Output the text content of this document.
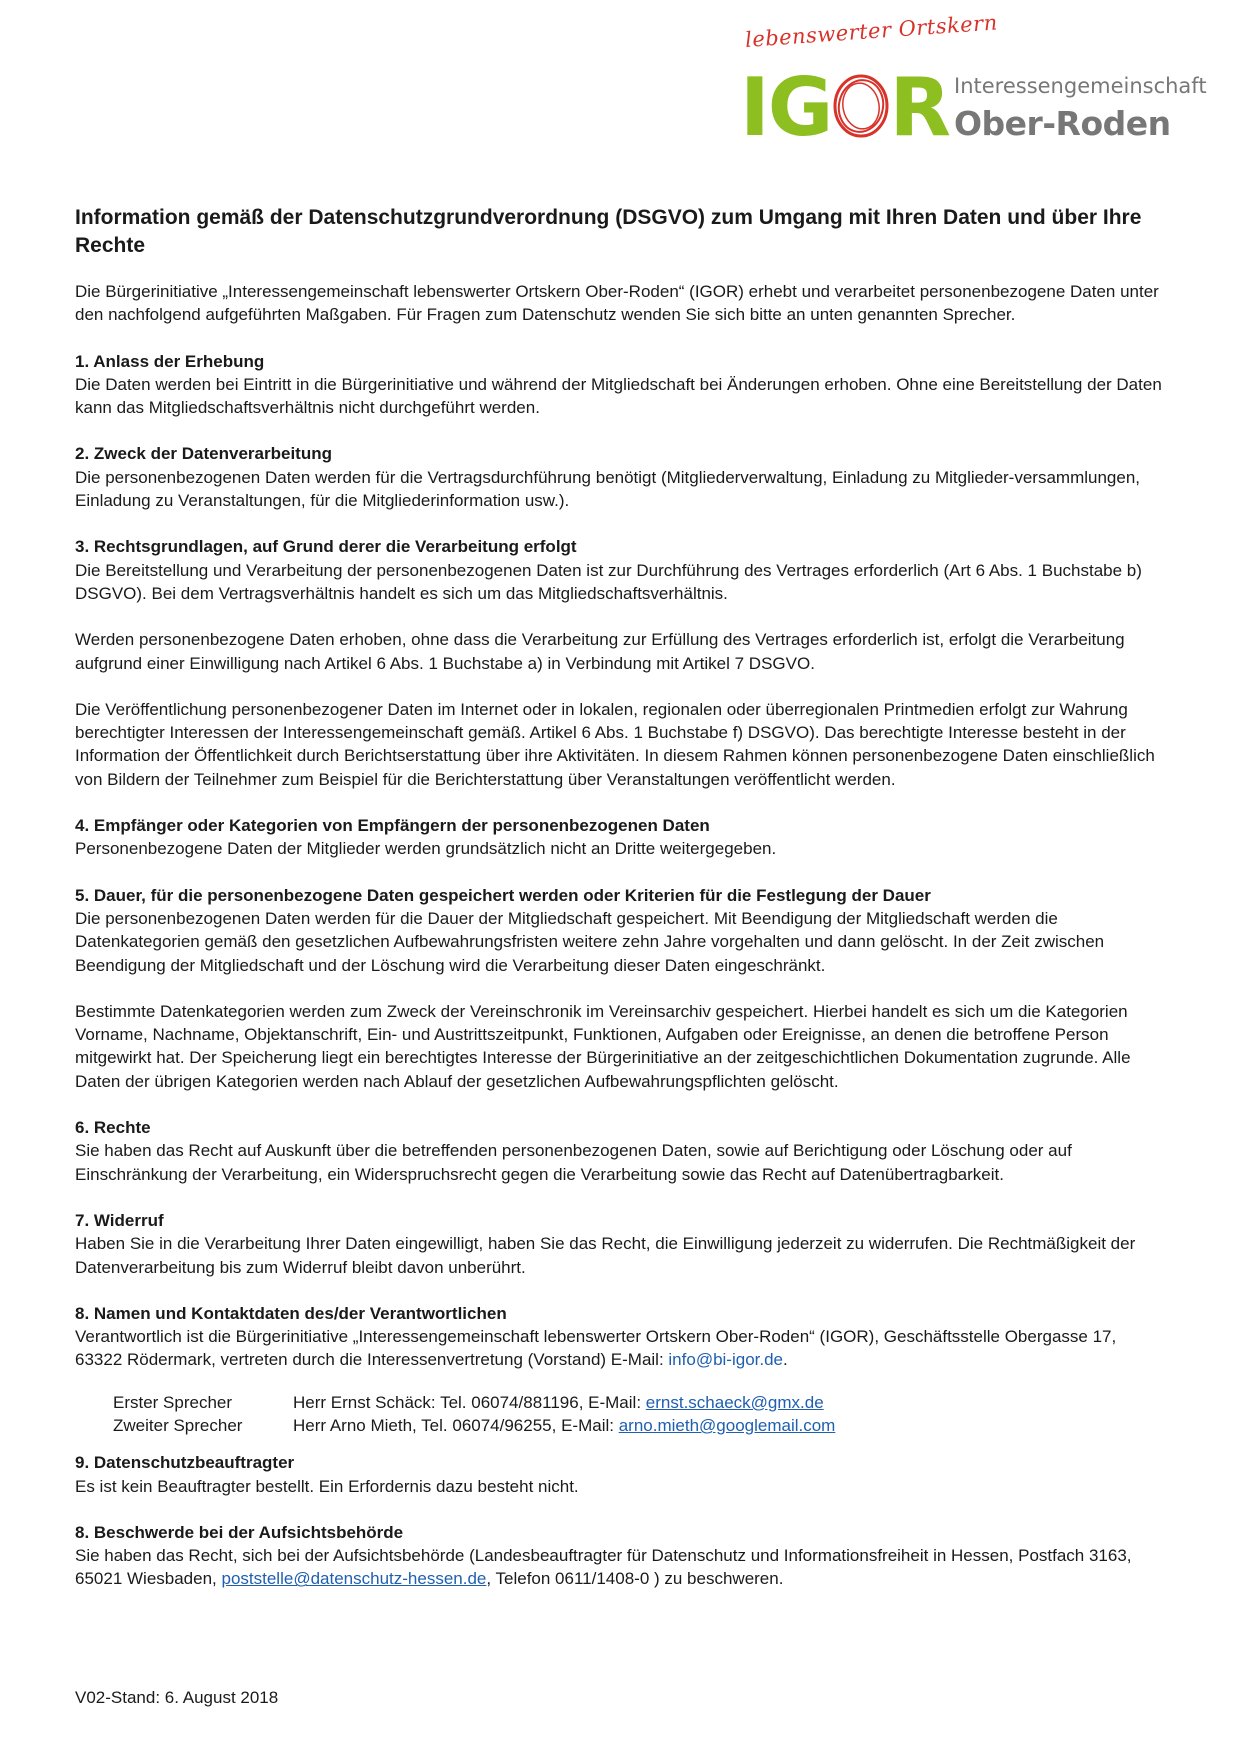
lebenswerter Ortskern
IG R Interessengemeinschaft
Ober-Roden
Information gemäß der Datenschutzgrundverordnung (DSGVO) zum Umgang mit Ihren Daten und über Ihre Rechte

Die Bürgerinitiative „Interessengemeinschaft lebenswerter Ortskern Ober-Roden“ (IGOR) erhebt und verarbeitet personenbezogene Daten unter den nachfolgend aufgeführten Maßgaben. Für Fragen zum Datenschutz wenden Sie sich bitte an unten genannten Sprecher.

1. Anlass der Erhebung
Die Daten werden bei Eintritt in die Bürgerinitiative und während der Mitgliedschaft bei Änderungen erhoben. Ohne eine Bereitstellung der Daten kann das Mitgliedschaftsverhältnis nicht durchgeführt werden.
2. Zweck der Datenverarbeitung
Die personenbezogenen Daten werden für die Vertragsdurchführung benötigt (Mitgliederverwaltung, Einladung zu Mitglieder-versammlungen, Einladung zu Veranstaltungen, für die Mitgliederinformation usw.).
3. Rechtsgrundlagen, auf Grund derer die Verarbeitung erfolgt
Die Bereitstellung und Verarbeitung der personenbezogenen Daten ist zur Durchführung des Vertrages erforderlich (Art 6 Abs. 1 Buchstabe b) DSGVO). Bei dem Vertragsverhältnis handelt es sich um das Mitgliedschaftsverhältnis.

Werden personenbezogene Daten erhoben, ohne dass die Verarbeitung zur Erfüllung des Vertrages erforderlich ist, erfolgt die Verarbeitung aufgrund einer Einwilligung nach Artikel 6 Abs. 1 Buchstabe a) in Verbindung mit Artikel 7 DSGVO.

Die Veröffentlichung personenbezogener Daten im Internet oder in lokalen, regionalen oder überregionalen Printmedien erfolgt zur Wahrung berechtigter Interessen der Interessengemeinschaft gemäß. Artikel 6 Abs. 1 Buchstabe f) DSGVO). Das berechtigte Interesse besteht in der Information der Öffentlichkeit durch Berichtserstattung über ihre Aktivitäten. In diesem Rahmen können personenbezogene Daten einschließlich von Bildern der Teilnehmer zum Beispiel für die Berichterstattung über Veranstaltungen veröffentlicht werden.

4. Empfänger oder Kategorien von Empfängern der personenbezogenen Daten
Personenbezogene Daten der Mitglieder werden grundsätzlich nicht an Dritte weitergegeben.
5. Dauer, für die personenbezogene Daten gespeichert werden oder Kriterien für die Festlegung der Dauer
Die personenbezogenen Daten werden für die Dauer der Mitgliedschaft gespeichert. Mit Beendigung der Mitgliedschaft werden die Datenkategorien gemäß den gesetzlichen Aufbewahrungsfristen weitere zehn Jahre vorgehalten und dann gelöscht. In der Zeit zwischen Beendigung der Mitgliedschaft und der Löschung wird die Verarbeitung dieser Daten eingeschränkt.

Bestimmte Datenkategorien werden zum Zweck der Vereinschronik im Vereinsarchiv gespeichert. Hierbei handelt es sich um die Kategorien Vorname, Nachname, Objektanschrift, Ein- und Austrittszeitpunkt, Funktionen, Aufgaben oder Ereignisse, an denen die betroffene Person mitgewirkt hat. Der Speicherung liegt ein berechtigtes Interesse der Bürgerinitiative an der zeitgeschichtlichen Dokumentation zugrunde. Alle Daten der übrigen Kategorien werden nach Ablauf der gesetzlichen Aufbewahrungspflichten gelöscht.

6. Rechte
Sie haben das Recht auf Auskunft über die betreffenden personenbezogenen Daten, sowie auf Berichtigung oder Löschung oder auf Einschränkung der Verarbeitung, ein Widerspruchsrecht gegen die Verarbeitung sowie das Recht auf Datenübertragbarkeit.
7. Widerruf
Haben Sie in die Verarbeitung Ihrer Daten eingewilligt, haben Sie das Recht, die Einwilligung jederzeit zu widerrufen. Die Rechtmäßigkeit der Datenverarbeitung bis zum Widerruf bleibt davon unberührt.
8. Namen und Kontaktdaten des/der Verantwortlichen
Verantwortlich ist die Bürgerinitiative „Interessengemeinschaft lebenswerter Ortskern Ober-Roden“ (IGOR), Geschäftsstelle Obergasse 17, 63322 Rödermark, vertreten durch die Interessenvertretung (Vorstand) E-Mail: info@bi-igor.de.
Erster Sprecher	Herr Ernst Schäck: Tel. 06074/881196, E-Mail: ernst.schaeck@gmx.de
Zweiter Sprecher	Herr Arno Mieth, Tel. 06074/96255, E-Mail: arno.mieth@googlemail.com
9. Datenschutzbeauftragter
Es ist kein Beauftragter bestellt. Ein Erfordernis dazu besteht nicht.
8. Beschwerde bei der Aufsichtsbehörde
Sie haben das Recht, sich bei der Aufsichtsbehörde (Landesbeauftragter für Datenschutz und Informationsfreiheit in Hessen, Postfach 3163, 65021 Wiesbaden, poststelle@datenschutz-hessen.de, Telefon 0611/1408-0 ) zu beschweren.
V02-Stand: 6. August 2018
